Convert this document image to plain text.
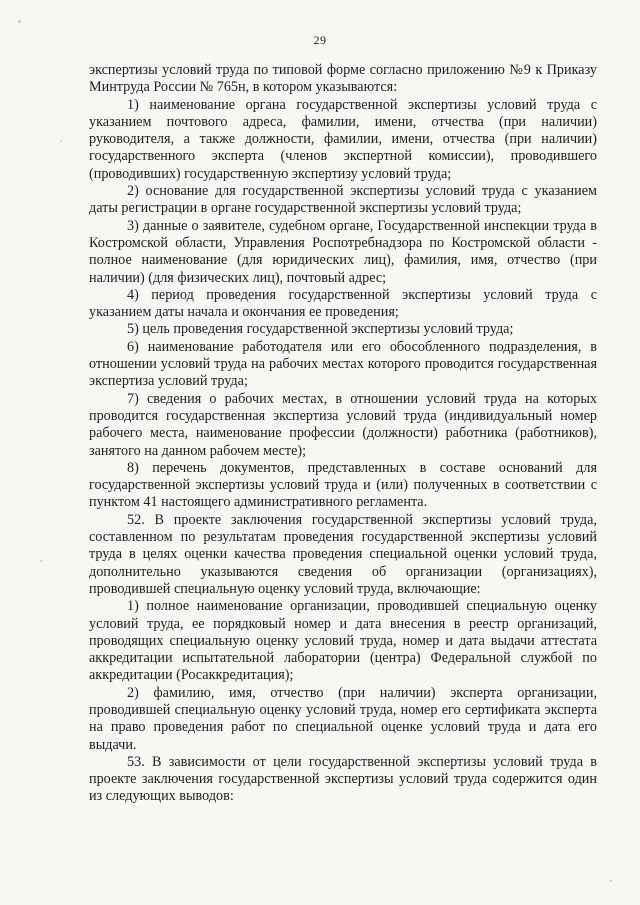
29

экспертизы условий труда по типовой форме согласно приложению №9 к Приказу Минтруда России № 765н, в котором указываются:

1) наименование органа государственной экспертизы условий труда с указанием почтового адреса, фамилии, имени, отчества (при наличии) руководителя, а также должности, фамилии, имени, отчества (при наличии) государственного эксперта (членов экспертной комиссии), проводившего (проводивших) государственную экспертизу условий труда;

2) основание для государственной экспертизы условий труда с указанием даты регистрации в органе государственной экспертизы условий труда;

3) данные о заявителе, судебном органе, Государственной инспекции труда в Костромской области, Управления Роспотребнадзора по Костромской области - полное наименование (для юридических лиц), фамилия, имя, отчество (при наличии) (для физических лиц), почтовый адрес;

4) период проведения государственной экспертизы условий труда с указанием даты начала и окончания ее проведения;

5) цель проведения государственной экспертизы условий труда;

6) наименование работодателя или его обособленного подразделения, в отношении условий труда на рабочих местах которого проводится государственная экспертиза условий труда;

7) сведения о рабочих местах, в отношении условий труда на которых проводится государственная экспертиза условий труда (индивидуальный номер рабочего места, наименование профессии (должности) работника (работников), занятого на данном рабочем месте);

8) перечень документов, представленных в составе оснований для государственной экспертизы условий труда и (или) полученных в соответствии с пунктом 41 настоящего административного регламента.

52. В проекте заключения государственной экспертизы условий труда, составленном по результатам проведения государственной экспертизы условий труда в целях оценки качества проведения специальной оценки условий труда, дополнительно указываются сведения об организации (организациях), проводившей специальную оценку условий труда, включающие:

1) полное наименование организации, проводившей специальную оценку условий труда, ее порядковый номер и дата внесения в реестр организаций, проводящих специальную оценку условий труда, номер и дата выдачи аттестата аккредитации испытательной лаборатории (центра) Федеральной службой по аккредитации (Росаккредитация);

2) фамилию, имя, отчество (при наличии) эксперта организации, проводившей специальную оценку условий труда, номер его сертификата эксперта на право проведения работ по специальной оценке условий труда и дата его выдачи.

53. В зависимости от цели государственной экспертизы условий труда в проекте заключения государственной экспертизы условий труда содержится один из следующих выводов:
